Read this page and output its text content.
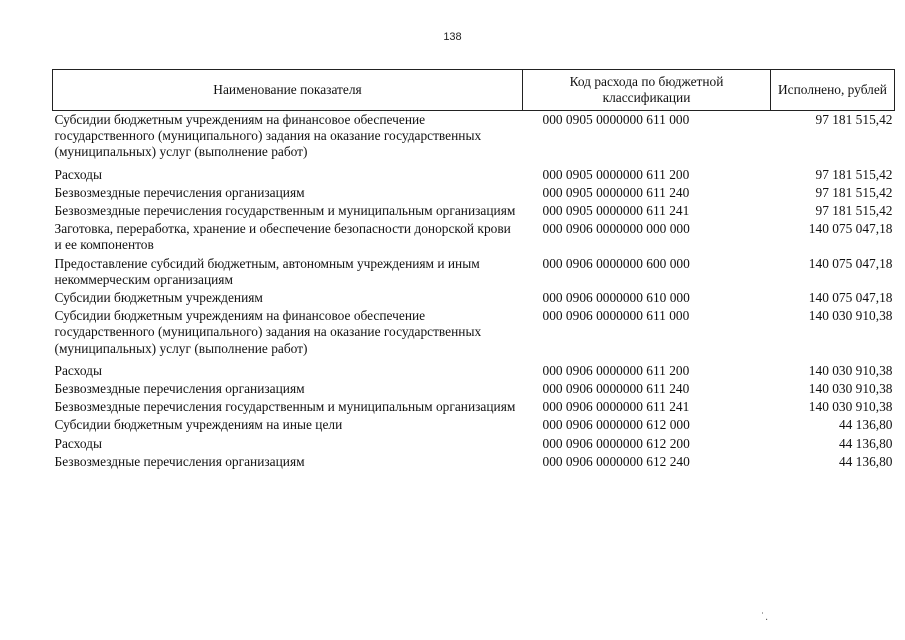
138
Наименование показателя	Код расхода по бюджетной классификации	Исполнено, рублей
Субсидии бюджетным учреждениям на финансовое обеспечение государственного (муниципального) задания на оказание государственных (муниципальных) услуг (выполнение работ)	000 0905 0000000 611 000	97 181 515,42
Расходы	000 0905 0000000 611 200	97 181 515,42
Безвозмездные перечисления организациям	000 0905 0000000 611 240	97 181 515,42
Безвозмездные перечисления государственным и муниципальным организациям	000 0905 0000000 611 241	97 181 515,42
Заготовка, переработка, хранение и обеспечение безопасности донорской крови и ее компонентов	000 0906 0000000 000 000	140 075 047,18
Предоставление субсидий бюджетным, автономным учреждениям и иным некоммерческим организациям	000 0906 0000000 600 000	140 075 047,18
Субсидии бюджетным учреждениям	000 0906 0000000 610 000	140 075 047,18
Субсидии бюджетным учреждениям на финансовое обеспечение государственного (муниципального) задания на оказание государственных (муниципальных) услуг (выполнение работ)	000 0906 0000000 611 000	140 030 910,38
Расходы	000 0906 0000000 611 200	140 030 910,38
Безвозмездные перечисления организациям	000 0906 0000000 611 240	140 030 910,38
Безвозмездные перечисления государственным и муниципальным организациям	000 0906 0000000 611 241	140 030 910,38
Субсидии бюджетным учреждениям на иные цели	000 0906 0000000 612 000	44 136,80
Расходы	000 0906 0000000 612 200	44 136,80
Безвозмездные перечисления организациям	000 0906 0000000 612 240	44 136,80
˙.
